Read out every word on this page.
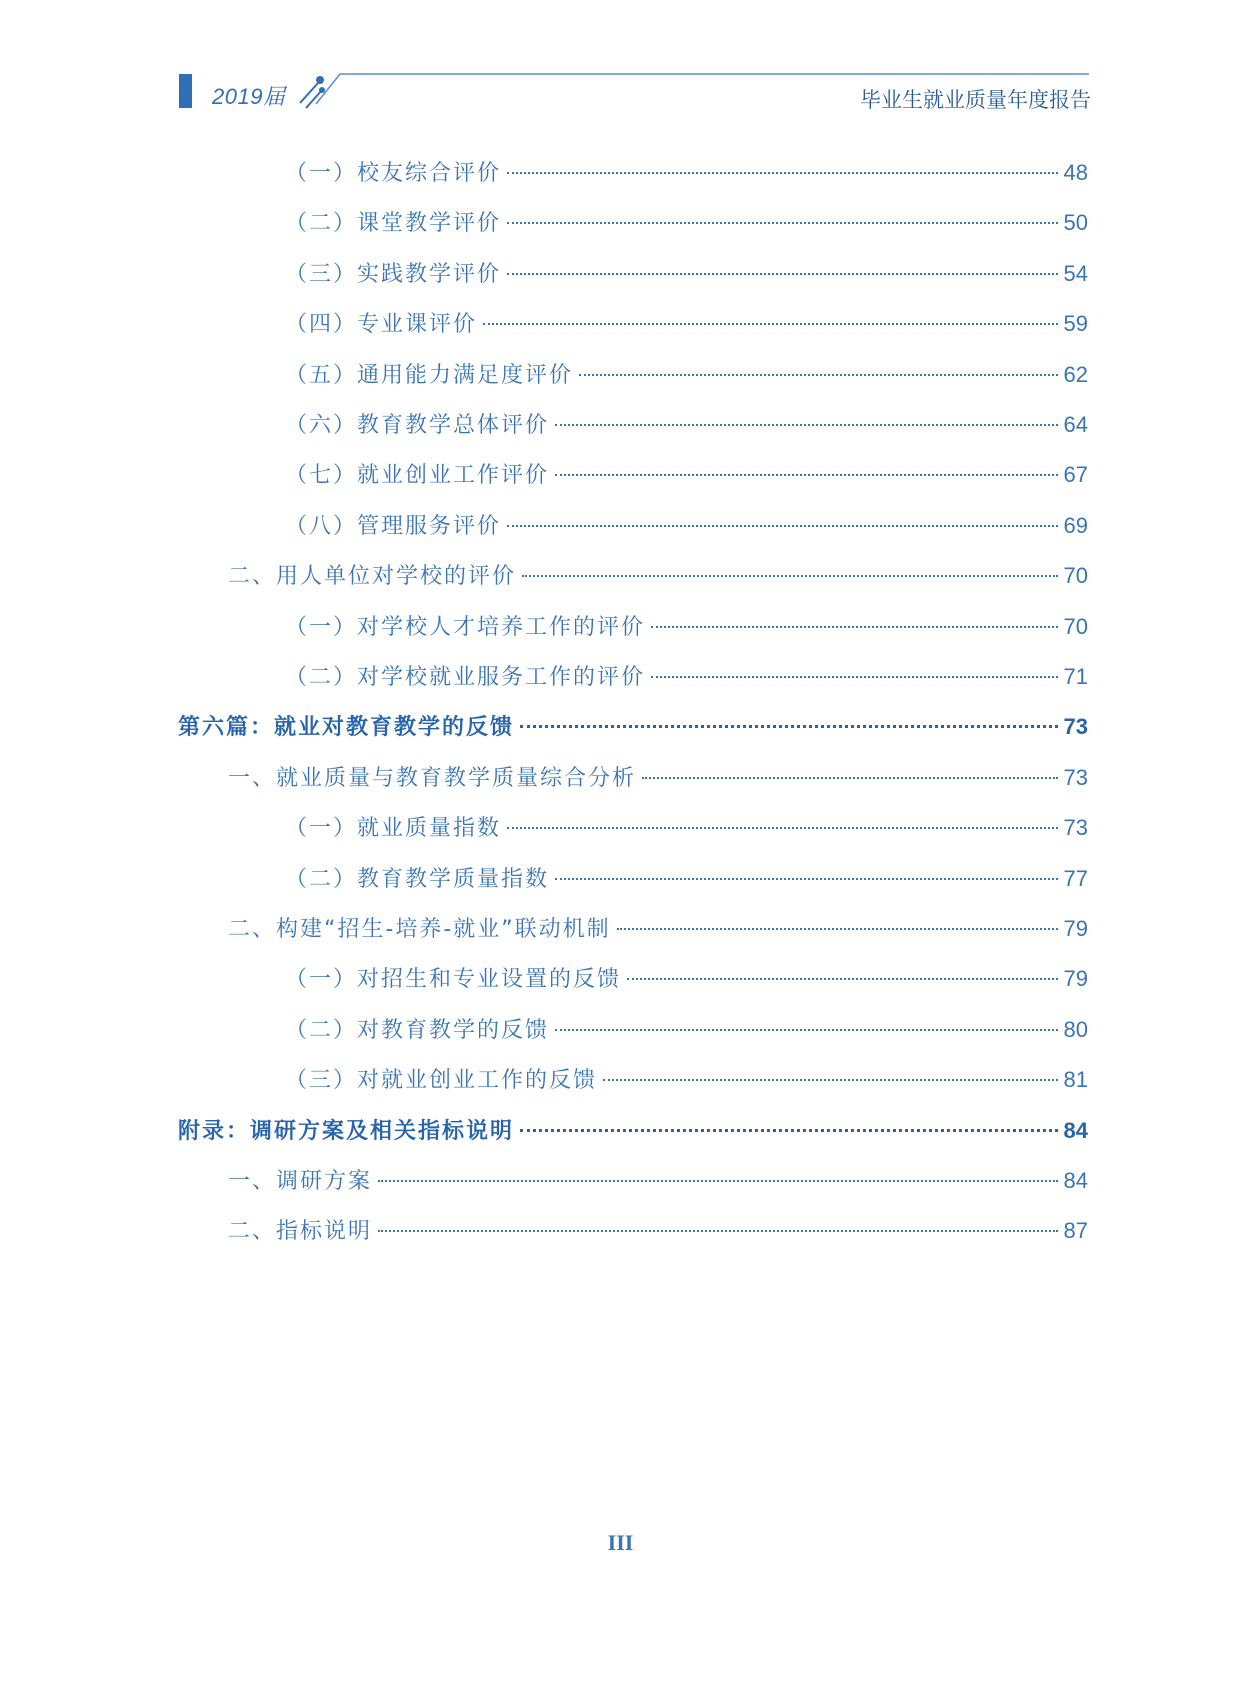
2019届	毕业生就业质量年度报告
（一）校友综合评价	48
（二）课堂教学评价	50
（三）实践教学评价	54
（四）专业课评价	59
（五）通用能力满足度评价	62
（六）教育教学总体评价	64
（七）就业创业工作评价	67
（八）管理服务评价	69
二、用人单位对学校的评价	70
（一）对学校人才培养工作的评价	70
（二）对学校就业服务工作的评价	71
第六篇：就业对教育教学的反馈	73
一、就业质量与教育教学质量综合分析	73
（一）就业质量指数	73
（二）教育教学质量指数	77
二、构建“招生-培养-就业”联动机制	79
（一）对招生和专业设置的反馈	79
（二）对教育教学的反馈	80
（三）对就业创业工作的反馈	81
附录：调研方案及相关指标说明	84
一、调研方案	84
二、指标说明	87
III
